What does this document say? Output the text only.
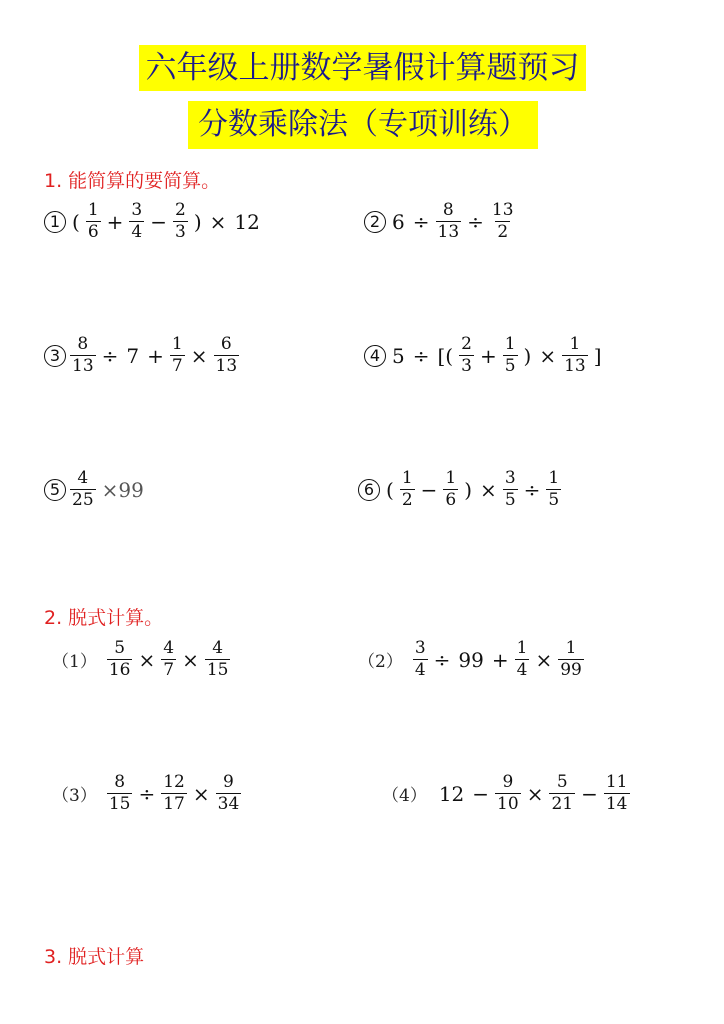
六年级上册数学暑假计算题预习
分数乘除法（专项训练）
1. 能简算的要简算。
1 ( $\frac{1}{6} + \frac{3}{4} - \frac{2}{3}$ ) × 12	2 $6 \div \frac{8}{13} \div \frac{13}{2}$
$3 \frac{8}{13} \div 7 + \frac{1}{7} \times \frac{6}{13}$	4 5 ÷ [( $\frac{2}{3} + \frac{1}{5}$ ) × $\frac{1}{13}$ ]
$5 \frac{4}{25} \times 99$	6 ( $\frac{1}{2} - \frac{1}{6}$ ) × $\frac{3}{5} \div \frac{1}{5}$
2. 脱式计算。
$(1) \frac{5}{16} \times \frac{4}{7} \times \frac{4}{15}$	$(2) \frac{3}{4} \div 99 + \frac{1}{4} \times \frac{1}{99}$
$(3) \frac{8}{15} \div \frac{12}{17} \times \frac{9}{34}$	（4） $12 - \frac{9}{10} \times \frac{5}{21} - \frac{11}{14}$
3. 脱式计算
